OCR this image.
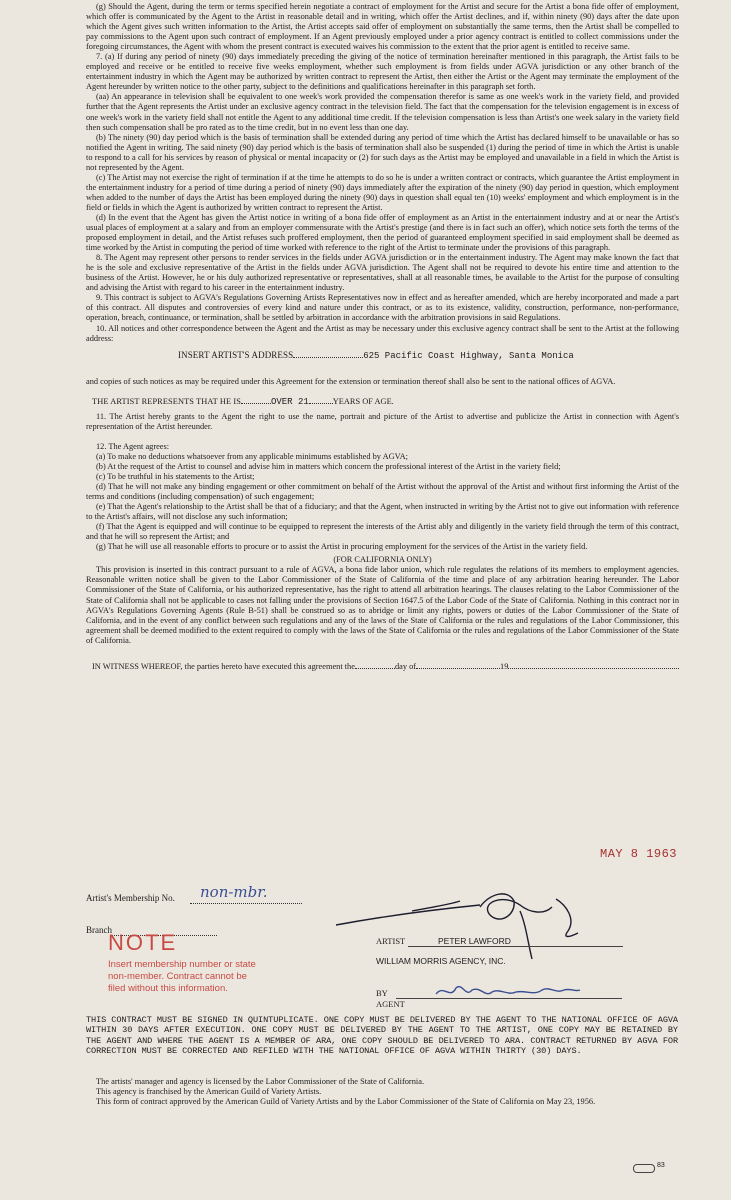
(g) Should the Agent, during the term or terms specified herein negotiate a contract of employment for the Artist and secure for the Artist a bona fide offer of employment, which offer is communicated by the Agent to the Artist in reasonable detail and in writing, which offer the Artist declines, and if, within ninety (90) days after the date upon which the Agent gives such written information to the Artist, the Artist accepts said offer of employment on substantially the same terms, then the Artist shall be compelled to pay commissions to the Agent upon such contract of employment. If an Agent previously employed under a prior agency contract is entitled to collect commissions under the foregoing circumstances, the Agent with whom the present contract is executed waives his commission to the extent that the prior agent is entitled to receive same.

7. (a) If during any period of ninety (90) days immediately preceding the giving of the notice of termination hereinafter mentioned in this paragraph, the Artist fails to be employed and receive or be entitled to receive five weeks employment, whether such employment is from fields under AGVA jurisdiction or any other branch of the entertainment industry in which the Agent may be authorized by written contract to represent the Artist, then either the Artist or the Agent may terminate the employment of the Agent hereunder by written notice to the other party, subject to the definitions and qualifications hereinafter in this paragraph set forth.

(aa) An appearance in television shall be equivalent to one week's work provided the compensation therefor is same as one week's work in the variety field, and provided further that the Agent represents the Artist under an exclusive agency contract in the television field. The fact that the compensation for the television engagement is in excess of one week's work in the variety field shall not entitle the Agent to any additional time credit. If the television compensation is less than Artist's one week salary in the variety field then such compensation shall be pro rated as to the time credit, but in no event less than one day.

(b) The ninety (90) day period which is the basis of termination shall be extended during any period of time which the Artist has declared himself to be unavailable or has so notified the Agent in writing. The said ninety (90) day period which is the basis of termination shall also be suspended (1) during the period of time in which the Artist is unable to respond to a call for his services by reason of physical or mental incapacity or (2) for such days as the Artist may be employed and unavailable in a field in which the Artist is not represented by the Agent.

(c) The Artist may not exercise the right of termination if at the time he attempts to do so he is under a written contract or contracts, which guarantee the Artist employment in the entertainment industry for a period of time during a period of ninety (90) days immediately after the expiration of the ninety (90) day period in question, which employment when added to the number of days the Artist has been employed during the ninety (90) days in question shall equal ten (10) weeks' employment and which employment is in the field or fields in which the Agent is authorized by written contract to represent the Artist.

(d) In the event that the Agent has given the Artist notice in writing of a bona fide offer of employment as an Artist in the entertainment industry and at or near the Artist's usual places of employment at a salary and from an employer commensurate with the Artist's prestige (and there is in fact such an offer), which notice sets forth the terms of the proposed employment in detail, and the Artist refuses such proffered employment, then the period of guaranteed employment specified in said employment shall be deemed as time worked by the Artist in computing the period of time worked with reference to the right of the Artist to terminate under the provisions of this paragraph.

8. The Agent may represent other persons to render services in the fields under AGVA jurisdiction or in the entertainment industry. The Agent may make known the fact that he is the sole and exclusive representative of the Artist in the fields under AGVA jurisdiction. The Agent shall not be required to devote his entire time and attention to the business of the Artist. However, he or his duly authorized representative or representatives, shall at all reasonable times, be available to the Artist for the purpose of consulting and advising the Artist with regard to his career in the entertainment industry.

9. This contract is subject to AGVA's Regulations Governing Artists Representatives now in effect and as hereafter amended, which are hereby incorporated and made a part of this contract. All disputes and controversies of every kind and nature under this contract, or as to its existence, validity, construction, performance, non-performance, operation, breach, continuance, or termination, shall be settled by arbitration in accordance with the arbitration provisions in said Regulations.

10. All notices and other correspondence between the Agent and the Artist as may be necessary under this exclusive agency contract shall be sent to the Artist at the following address:

INSERT ARTIST'S ADDRESS	625 Pacific Coast Highway, Santa Monica

and copies of such notices as may be required under this Agreement for the extension or termination thereof shall also be sent to the national offices of AGVA.

THE ARTIST REPRESENTS THAT HE IS	OVER 21	YEARS OF AGE.

11. The Artist hereby grants to the Agent the right to use the name, portrait and picture of the Artist to advertise and publicize the Artist in connection with Agent's representation of the Artist hereunder.

12. The Agent agrees:

(a) To make no deductions whatsoever from any applicable minimums established by AGVA;

(b) At the request of the Artist to counsel and advise him in matters which concern the professional interest of the Artist in the variety field;

(c) To be truthful in his statements to the Artist;

(d) That he will not make any binding engagement or other commitment on behalf of the Artist without the approval of the Artist and without first informing the Artist of the terms and conditions (including compensation) of such engagement;

(e) That the Agent's relationship to the Artist shall be that of a fiduciary; and that the Agent, when instructed in writing by the Artist not to give out information with reference to the Artist's affairs, will not disclose any such information;

(f) That the Agent is equipped and will continue to be equipped to represent the interests of the Artist ably and diligently in the variety field through the term of this contract, and that he will so represent the Artist; and

(g) That he will use all reasonable efforts to procure or to assist the Artist in procuring employment for the services of the Artist in the variety field.

(FOR CALIFORNIA ONLY)

This provision is inserted in this contract pursuant to a rule of AGVA, a bona fide labor union, which rule regulates the relations of its members to employment agencies. Reasonable written notice shall be given to the Labor Commissioner of the State of California of the time and place of any arbitration hearing hereunder. The Labor Commissioner of the State of California, or his authorized representative, has the right to attend all arbitration hearings. The clauses relating to the Labor Commissioner of the State of California shall not be applicable to cases not falling under the provisions of Section 1647.5 of the Labor Code of the State of California. Nothing in this contract nor in AGVA's Regulations Governing Agents (Rule B-51) shall be construed so as to abridge or limit any rights, powers or duties of the Labor Commissioner of the State of California, and in the event of any conflict between such regulations and any of the laws of the State of California or the rules and regulations of the Labor Commissioner, this agreement shall be deemed modified to the extent required to comply with the laws of the State of California or the rules and regulations of the Labor Commissioner of the State of California.

IN WITNESS WHEREOF, the parties hereto have executed this agreement the	day of	19
MAY 8 1963
Artist's Membership No. non-mbr.
Branch
ARTIST	PETER LAWFORD
WILLIAM MORRIS AGENCY, INC.
BY
AGENT
NOTE
Insert membership number or state
non-member. Contract cannot be
filed without this information.
THIS CONTRACT MUST BE SIGNED IN QUINTUPLICATE. ONE COPY MUST BE DELIVERED BY THE AGENT TO THE NATIONAL OFFICE OF AGVA WITHIN 30 DAYS AFTER EXECUTION. ONE COPY MUST BE DELIVERED BY THE AGENT TO THE ARTIST, ONE COPY MAY BE RETAINED BY THE AGENT AND WHERE THE AGENT IS A MEMBER OF ARA, ONE COPY SHOULD BE DELIVERED TO ARA. CONTRACT RETURNED BY AGVA FOR CORRECTION MUST BE CORRECTED AND REFILED WITH THE NATIONAL OFFICE OF AGVA WITHIN THIRTY (30) DAYS.

The artists' manager and agency is licensed by the Labor Commissioner of the State of California.

This agency is franchised by the American Guild of Variety Artists.

This form of contract approved by the American Guild of Variety Artists and by the Labor Commissioner of the State of California on May 23, 1956.

83
